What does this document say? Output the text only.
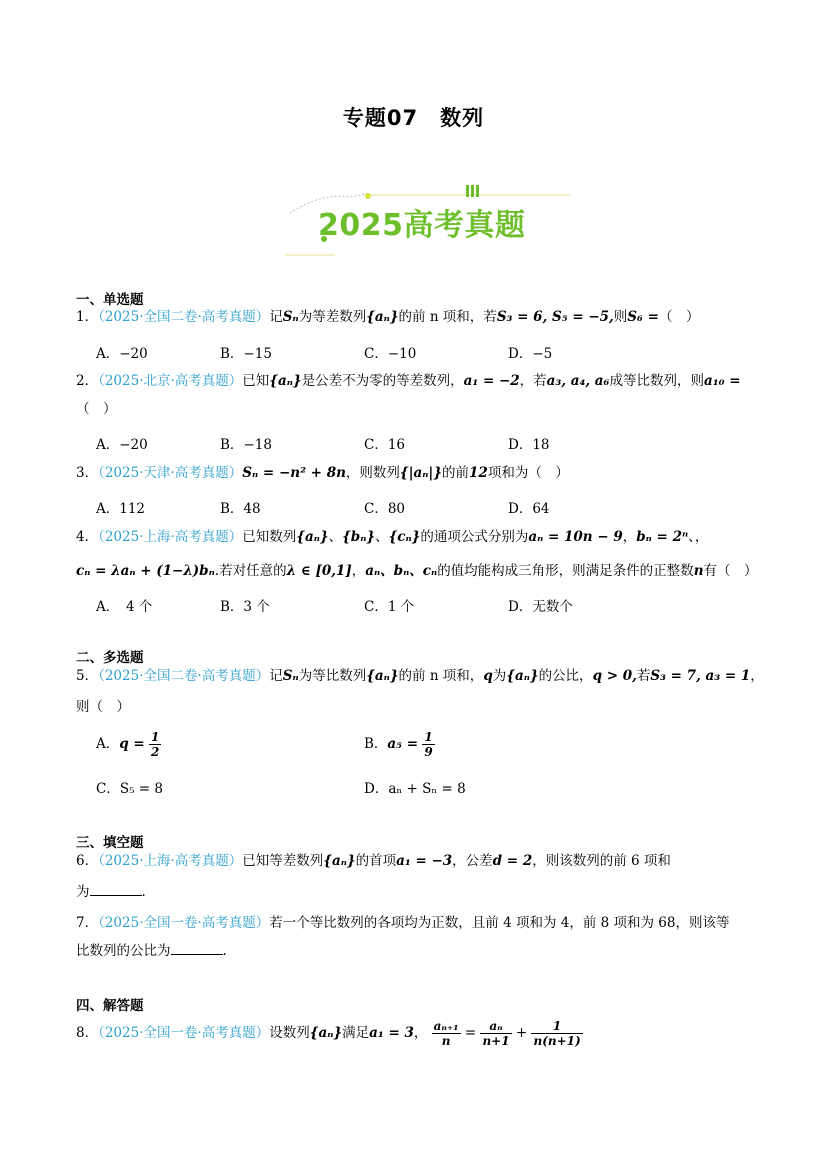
专题07　数列
2025高考真题
一、单选题
1．（2025·全国二卷·高考真题）记Sₙ为等差数列{aₙ}的前 n 项和，若S₃ = 6, S₅ = −5,则S₆ =（　）
A．−20	B．−15	C．−10	D．−5
2．（2025·北京·高考真题）已知{aₙ}是公差不为零的等差数列，a₁ = −2，若a₃, a₄, a₆成等比数列，则a₁₀ =
（　）
A．−20	B．−18	C．16	D．18
3．（2025·天津·高考真题）Sₙ = −n² + 8n，则数列{|aₙ|}的前12项和为（　）
A．112	B．48	C．80	D．64
4．（2025·上海·高考真题）已知数列{aₙ}、{bₙ}、{cₙ}的通项公式分别为aₙ = 10n − 9，bₙ = 2ⁿ、，
cₙ = λaₙ + (1−λ)bₙ.若对任意的λ ∈ [0,1]，aₙ、bₙ、cₙ的值均能构成三角形，则满足条件的正整数n有（　）
A．　4 个	B．3 个	C．1 个	D．无数个
二、多选题
5．（2025·全国二卷·高考真题）记Sₙ为等比数列{aₙ}的前 n 项和，q为{aₙ}的公比，q > 0,若S₃ = 7, a₃ = 1，
则（　）
A．$q = \frac{1}{2}$	B．$a_5 = \frac{1}{9}$
C．S₅ = 8	D．aₙ + Sₙ = 8
三、填空题
6．（2025·上海·高考真题）已知等差数列{aₙ}的首项a₁ = −3，公差d = 2，则该数列的前 6 项和
为	.
7．（2025·全国一卷·高考真题）若一个等比数列的各项均为正数，且前 4 项和为 4，前 8 项和为 68，则该等
比数列的公比为	.
四、解答题
8．（2025·全国一卷·高考真题）设数列{aₙ}满足a₁ = 3， $\frac{\text{aₙ₊₁}}{n} = \frac{\text{aₙ}}{n+1} + \frac{1}{n(n+1)}$
